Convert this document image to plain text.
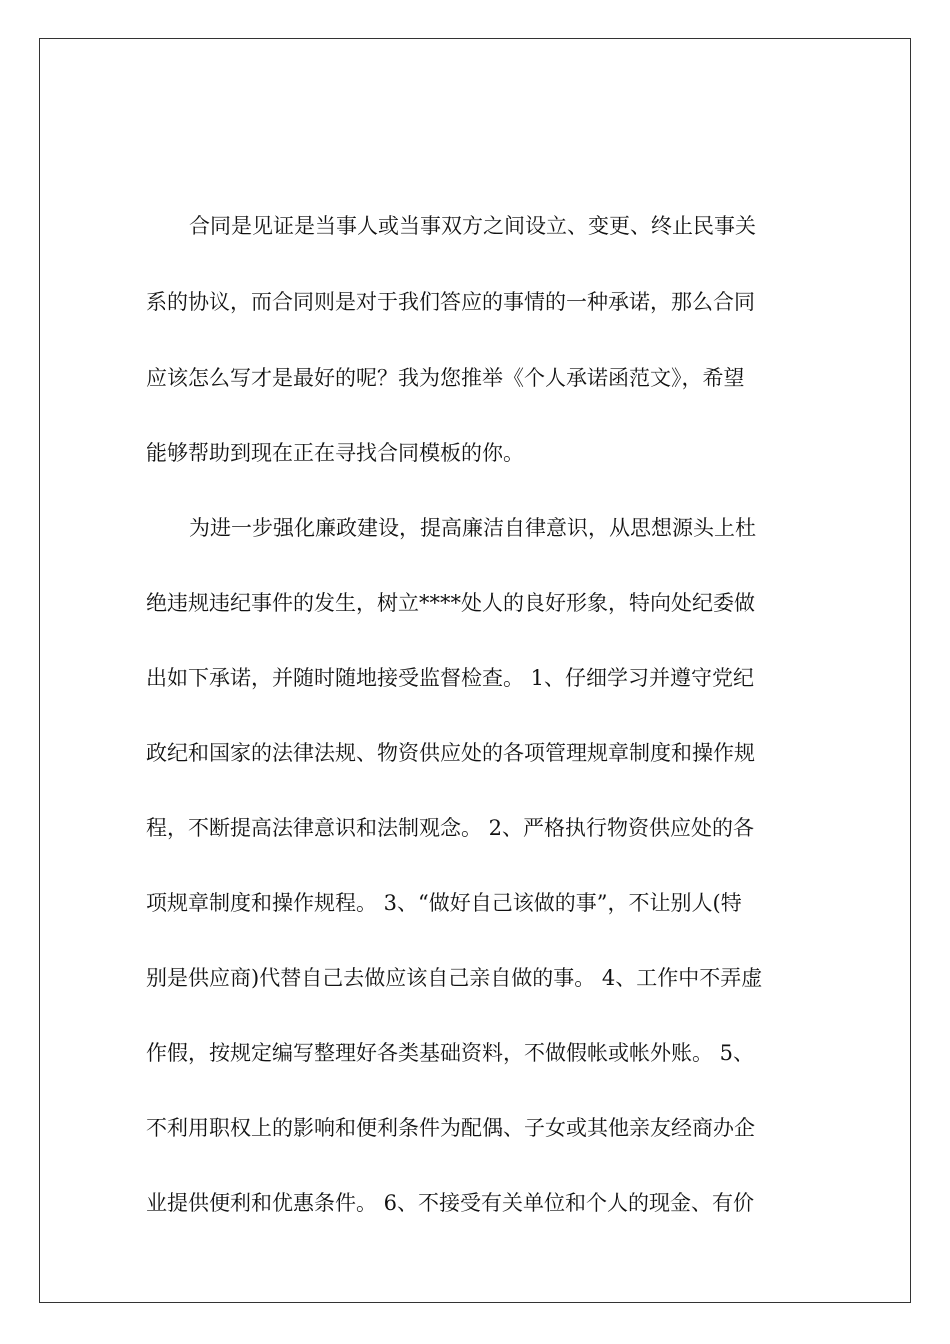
合同是见证是当事人或当事双方之间设立、变更、终止民事关

系的协议，而合同则是对于我们答应的事情的一种承诺，那么合同

应该怎么写才是最好的呢？我为您推举《个人承诺函范文》，希望

能够帮助到现在正在寻找合同模板的你。

为进一步强化廉政建设，提高廉洁自律意识，从思想源头上杜

绝违规违纪事件的发生，树立****处人的良好形象，特向处纪委做

出如下承诺，并随时随地接受监督检查。 1、仔细学习并遵守党纪

政纪和国家的法律法规、物资供应处的各项管理规章制度和操作规

程，不断提高法律意识和法制观念。 2、严格执行物资供应处的各

项规章制度和操作规程。 3、“做好自己该做的事”，不让别人(特

别是供应商)代替自己去做应该自己亲自做的事。 4、工作中不弄虚

作假，按规定编写整理好各类基础资料，不做假帐或帐外账。 5、

不利用职权上的影响和便利条件为配偶、子女或其他亲友经商办企

业提供便利和优惠条件。 6、不接受有关单位和个人的现金、有价
